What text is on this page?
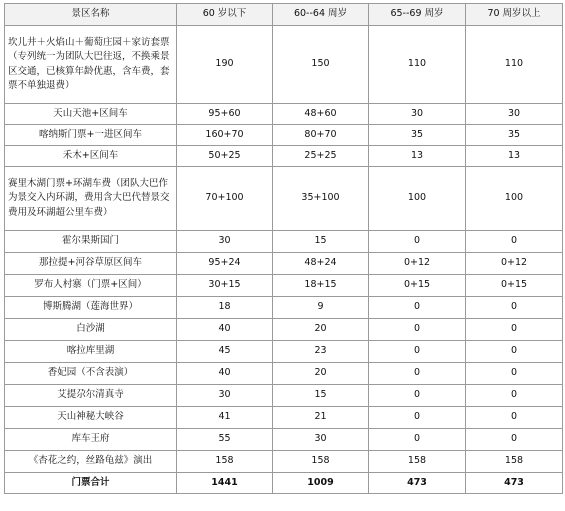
景区名称	60 岁以下	60--64 周岁	65--69 周岁	70 周岁以上
坎儿井＋火焰山＋葡萄庄园＋家访套票（专列统一为团队大巴往返，不换乘景区交通，已核算年龄优惠，含车费，套票不单独退费）	190	150	110	110
天山天池+区间车	95+60	48+60	30	30
喀纳斯门票+一进区间车	160+70	80+70	35	35
禾木+区间车	50+25	25+25	13	13
赛里木湖门票+环湖车费（团队大巴作为景交入内环湖，费用含大巴代替景交费用及环湖超公里车费）	70+100	35+100	100	100
霍尔果斯国门	30	15	0	0
那拉提+河谷草原区间车	95+24	48+24	0+12	0+12
罗布人村寨（门票+区间）	30+15	18+15	0+15	0+15
博斯腾湖（莲海世界）	18	9	0	0
白沙湖	40	20	0	0
喀拉库里湖	45	23	0	0
香妃园（不含表演）	40	20	0	0
艾提尕尔清真寺	30	15	0	0
天山神秘大峡谷	41	21	0	0
库车王府	55	30	0	0
《杏花之约，丝路龟兹》演出	158	158	158	158
门票合计	1441	1009	473	473
